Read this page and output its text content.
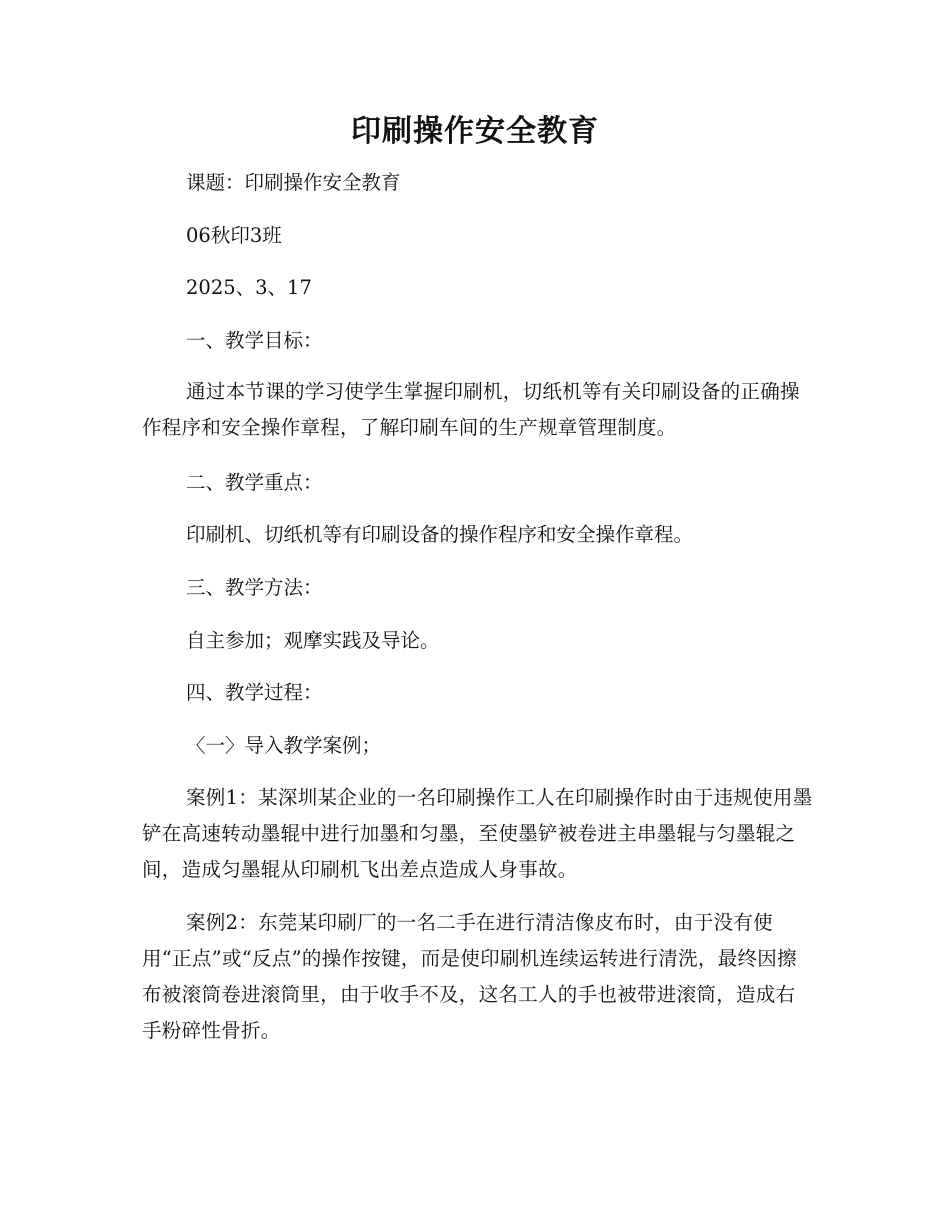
印刷操作安全教育
课题：印刷操作安全教育
06秋印3班
2025、3、17
一、教学目标：
通过本节课的学习使学生掌握印刷机，切纸机等有关印刷设备的正确操作程序和安全操作章程，了解印刷车间的生产规章管理制度。
二、教学重点：
印刷机、切纸机等有印刷设备的操作程序和安全操作章程。
三、教学方法：
自主参加；观摩实践及导论。
四、教学过程：
〈一〉导入教学案例；
案例1：某深圳某企业的一名印刷操作工人在印刷操作时由于违规使用墨铲在高速转动墨辊中进行加墨和匀墨，至使墨铲被卷进主串墨辊与匀墨辊之间，造成匀墨辊从印刷机飞出差点造成人身事故。
案例2：东莞某印刷厂的一名二手在进行清洁像皮布时，由于没有使用“正点”或“反点”的操作按键，而是使印刷机连续运转进行清洗，最终因擦布被滚筒卷进滚筒里，由于收手不及，这名工人的手也被带进滚筒，造成右手粉碎性骨折。
